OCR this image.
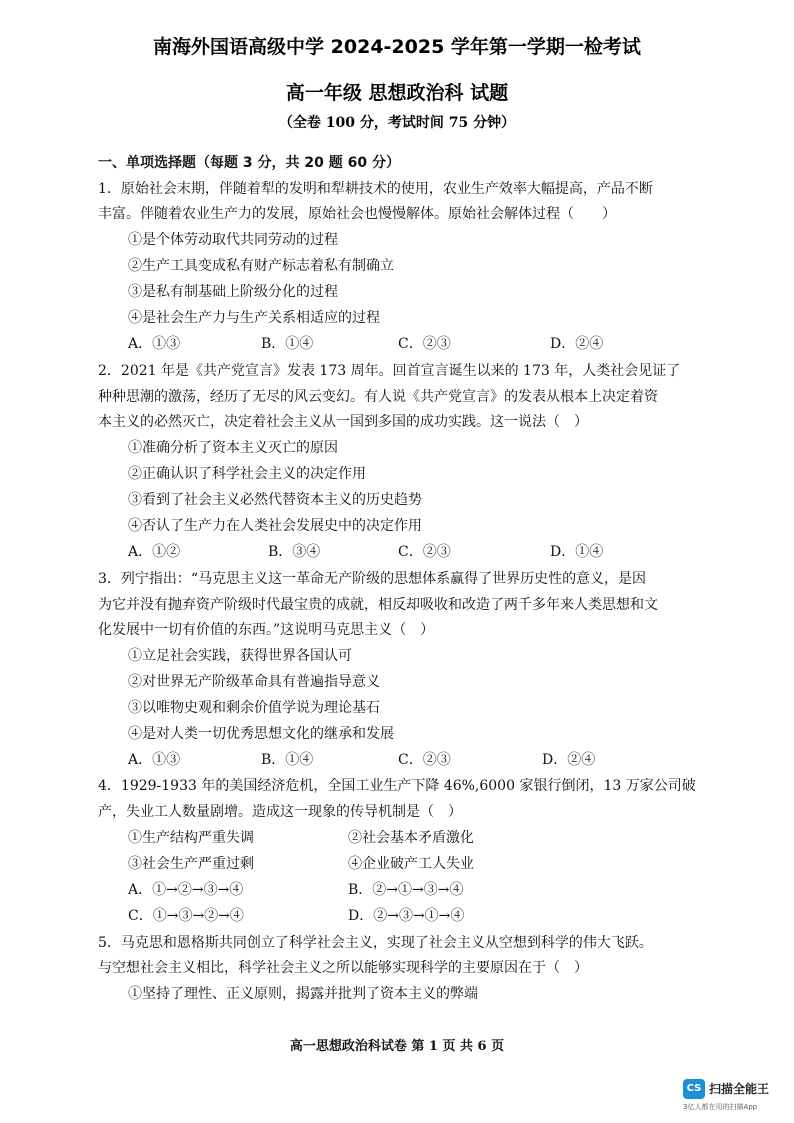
南海外国语高级中学 2024-2025 学年第一学期一检考试
高一年级 思想政治科 试题
（全卷 100 分，考试时间 75 分钟）
一、单项选择题（每题 3 分，共 20 题 60 分）
1．原始社会末期，伴随着犁的发明和犁耕技术的使用，农业生产效率大幅提高，产品不断
丰富。伴随着农业生产力的发展，原始社会也慢慢解体。原始社会解体过程（　　）
①是个体劳动取代共同劳动的过程
②生产工具变成私有财产标志着私有制确立
③是私有制基础上阶级分化的过程
④是社会生产力与生产关系相适应的过程
A．①③	B．①④	C．②③	D．②④
2．2021 年是《共产党宣言》发表 173 周年。回首宣言诞生以来的 173 年，人类社会见证了
种种思潮的激荡，经历了无尽的风云变幻。有人说《共产党宣言》的发表从根本上决定着资
本主义的必然灭亡，决定着社会主义从一国到多国的成功实践。这一说法（　）
①准确分析了资本主义灭亡的原因
②正确认识了科学社会主义的决定作用
③看到了社会主义必然代替资本主义的历史趋势
④否认了生产力在人类社会发展史中的决定作用
A．①②	B．③④	C．②③	D．①④
3．列宁指出：“马克思主义这一革命无产阶级的思想体系赢得了世界历史性的意义，是因
为它并没有抛弃资产阶级时代最宝贵的成就，相反却吸收和改造了两千多年来人类思想和文
化发展中一切有价值的东西。”这说明马克思主义（　）
①立足社会实践，获得世界各国认可
②对世界无产阶级革命具有普遍指导意义
③以唯物史观和剩余价值学说为理论基石
④是对人类一切优秀思想文化的继承和发展
A．①③	B．①④	C．②③	D．②④
4．1929-1933 年的美国经济危机，全国工业生产下降 46%,6000 家银行倒闭，13 万家公司破
产，失业工人数量剧增。造成这一现象的传导机制是（　）
①生产结构严重失调	②社会基本矛盾激化
③社会生产严重过剩	④企业破产工人失业
A．①→②→③→④	B．②→①→③→④
C．①→③→②→④	D．②→③→①→④
5．马克思和恩格斯共同创立了科学社会主义，实现了社会主义从空想到科学的伟大飞跃。
与空想社会主义相比，科学社会主义之所以能够实现科学的主要原因在于（　）
①坚持了理性、正义原则，揭露并批判了资本主义的弊端
高一思想政治科试卷 第 1 页 共 6 页
CS 扫描全能王
3亿人都在用的扫描App
